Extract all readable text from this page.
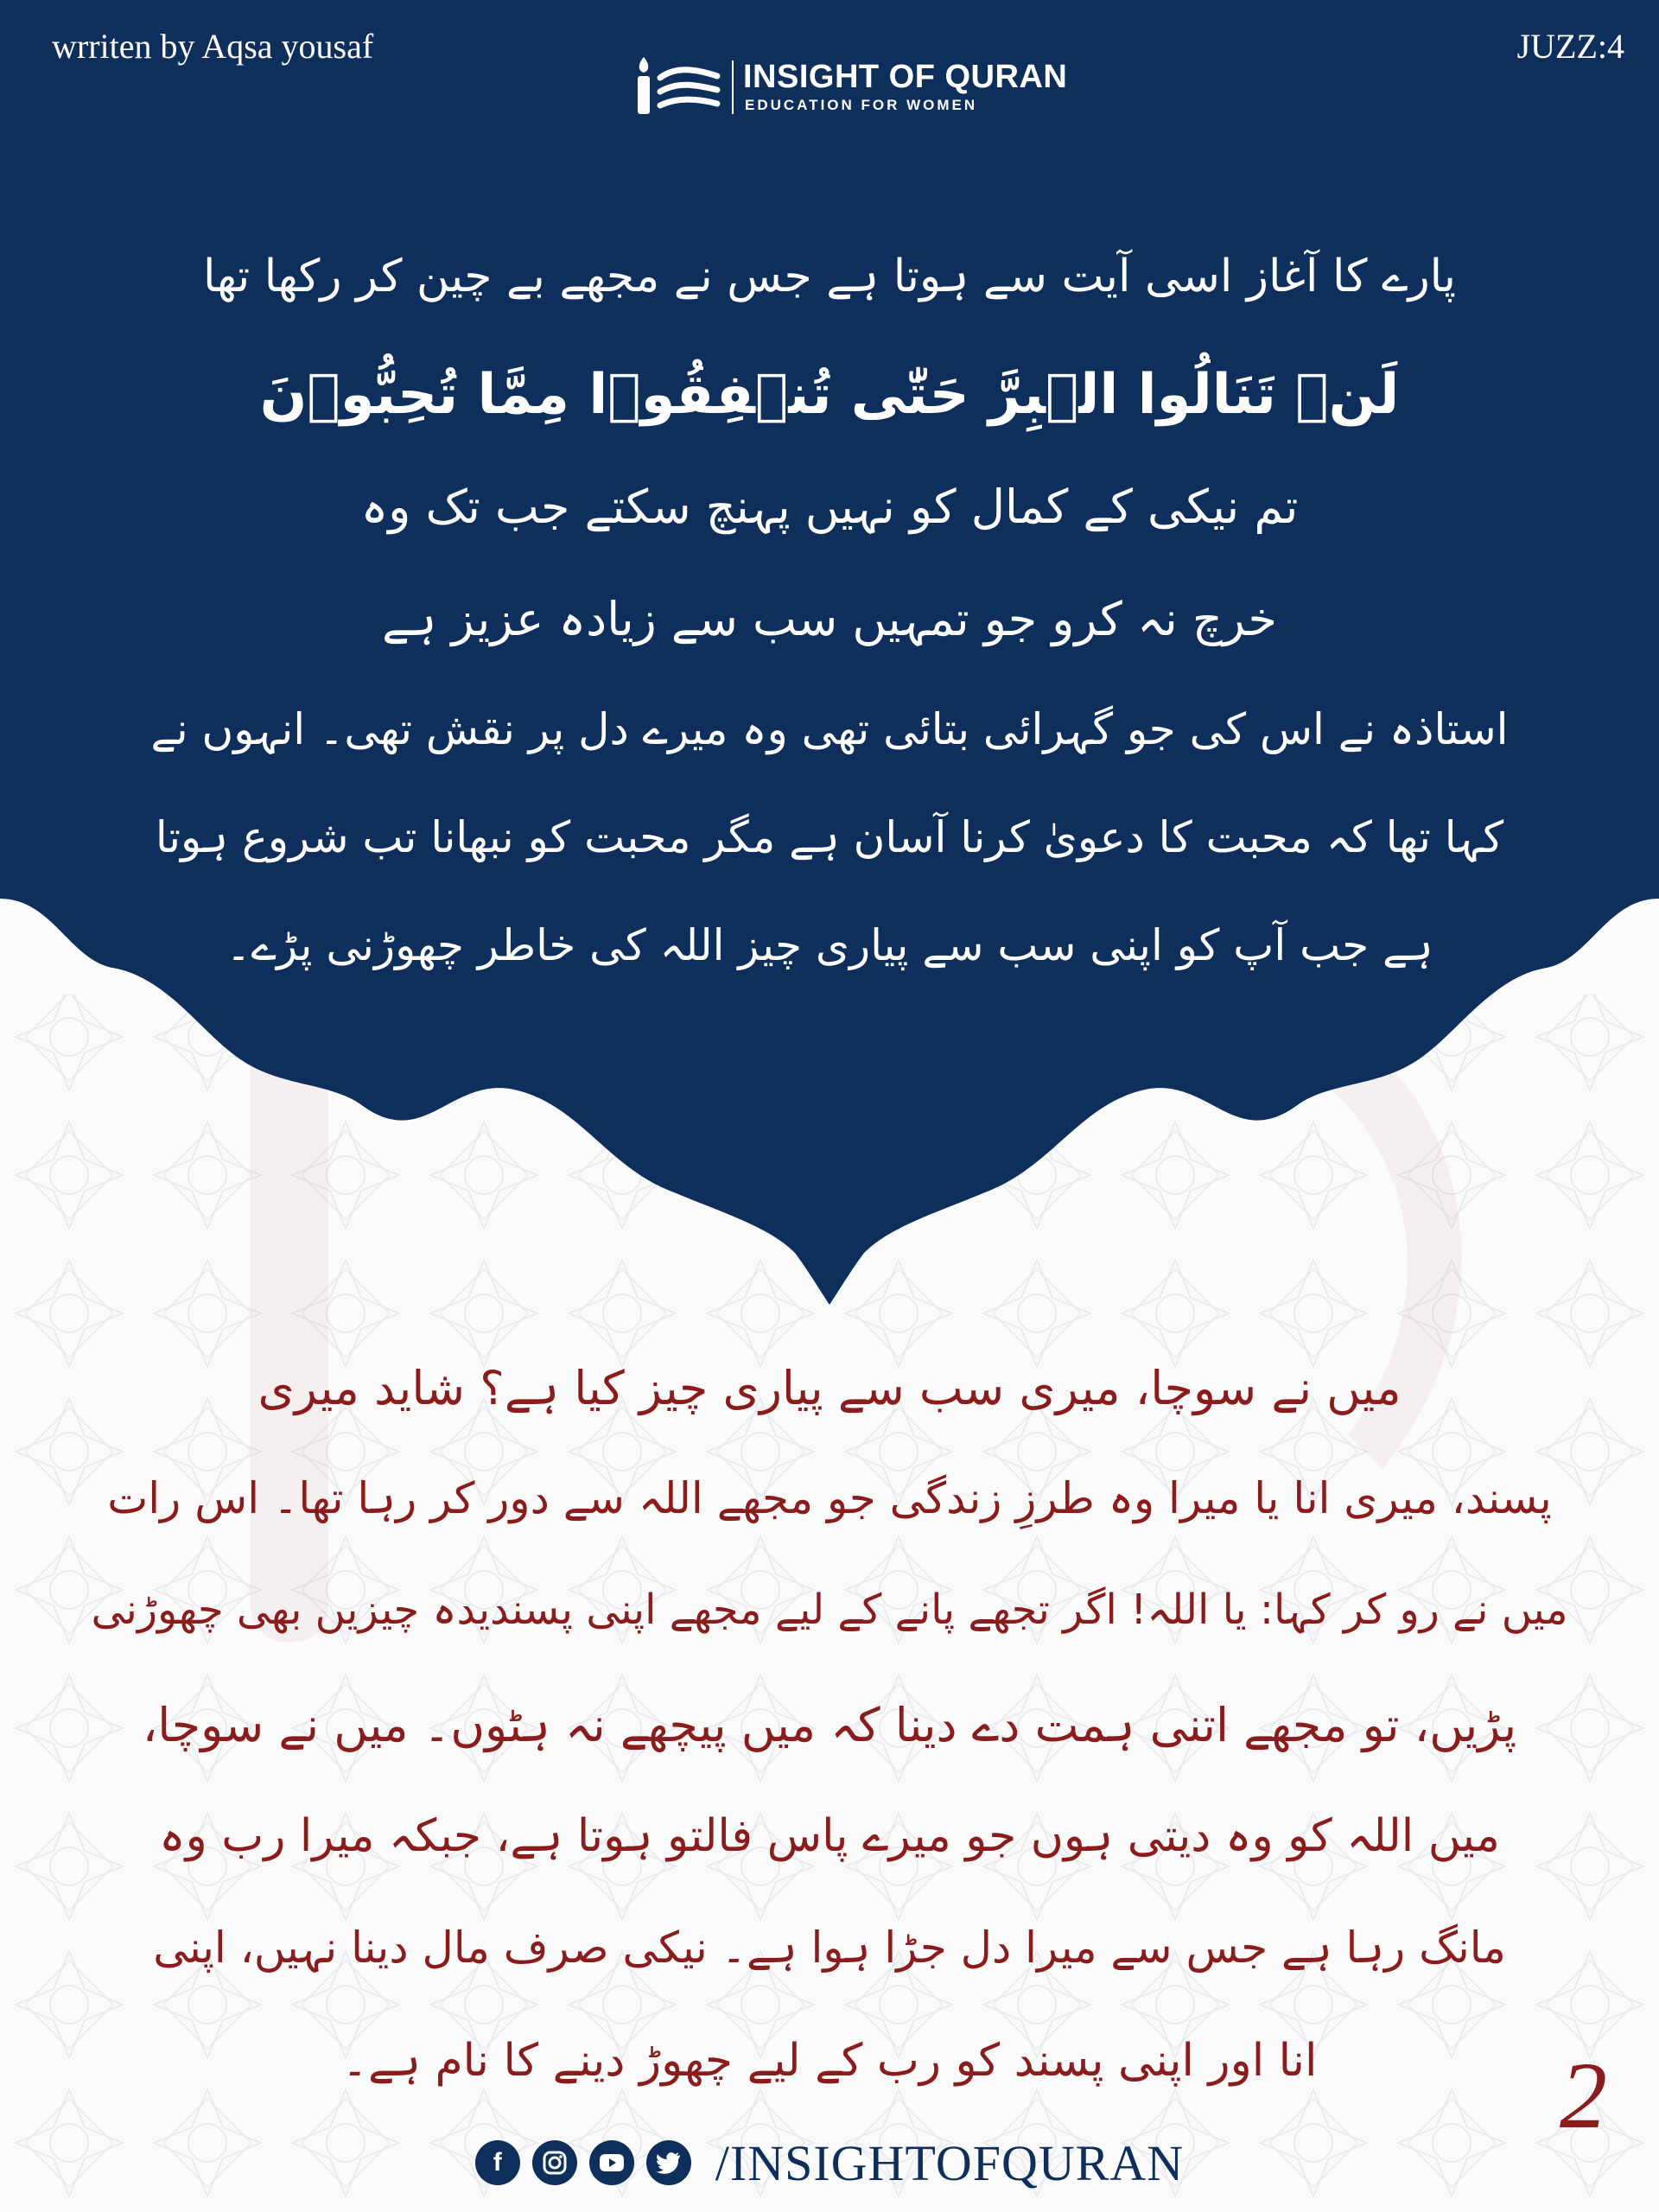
wrriten by Aqsa yousaf	JUZZ:4
INSIGHT OF QURAN
EDUCATION FOR WOMEN
پارے کا آغاز اسی آیت سے ہوتا ہے جس نے مجھے بے چین کر رکھا تھا
لَنۡ تَنَالُوا الۡبِرَّ حَتّٰى تُنۡفِقُوۡا مِمَّا تُحِبُّوۡنَ
تم نیکی کے کمال کو نہیں پہنچ سکتے جب تک وہ
خرچ نہ کرو جو تمہیں سب سے زیادہ عزیز ہے
استاذہ نے اس کی جو گہرائی بتائی تھی وہ میرے دل پر نقش تھی۔ انہوں نے
کہا تھا کہ محبت کا دعویٰ کرنا آسان ہے مگر محبت کو نبھانا تب شروع ہوتا
ہے جب آپ کو اپنی سب سے پیاری چیز اللہ کی خاطر چھوڑنی پڑے۔
میں نے سوچا، میری سب سے پیاری چیز کیا ہے؟ شاید میری
پسند، میری انا یا میرا وہ طرزِ زندگی جو مجھے اللہ سے دور کر رہا تھا۔ اس رات
میں نے رو کر کہا: یا اللہ! اگر تجھے پانے کے لیے مجھے اپنی پسندیدہ چیزیں بھی چھوڑنی
پڑیں، تو مجھے اتنی ہمت دے دینا کہ میں پیچھے نہ ہٹوں۔ میں نے سوچا،
میں اللہ کو وہ دیتی ہوں جو میرے پاس فالتو ہوتا ہے، جبکہ میرا رب وہ
مانگ رہا ہے جس سے میرا دل جڑا ہوا ہے۔ نیکی صرف مال دینا نہیں، اپنی
انا اور اپنی پسند کو رب کے لیے چھوڑ دینے کا نام ہے۔	2
f	/INSIGHTOFQURAN
